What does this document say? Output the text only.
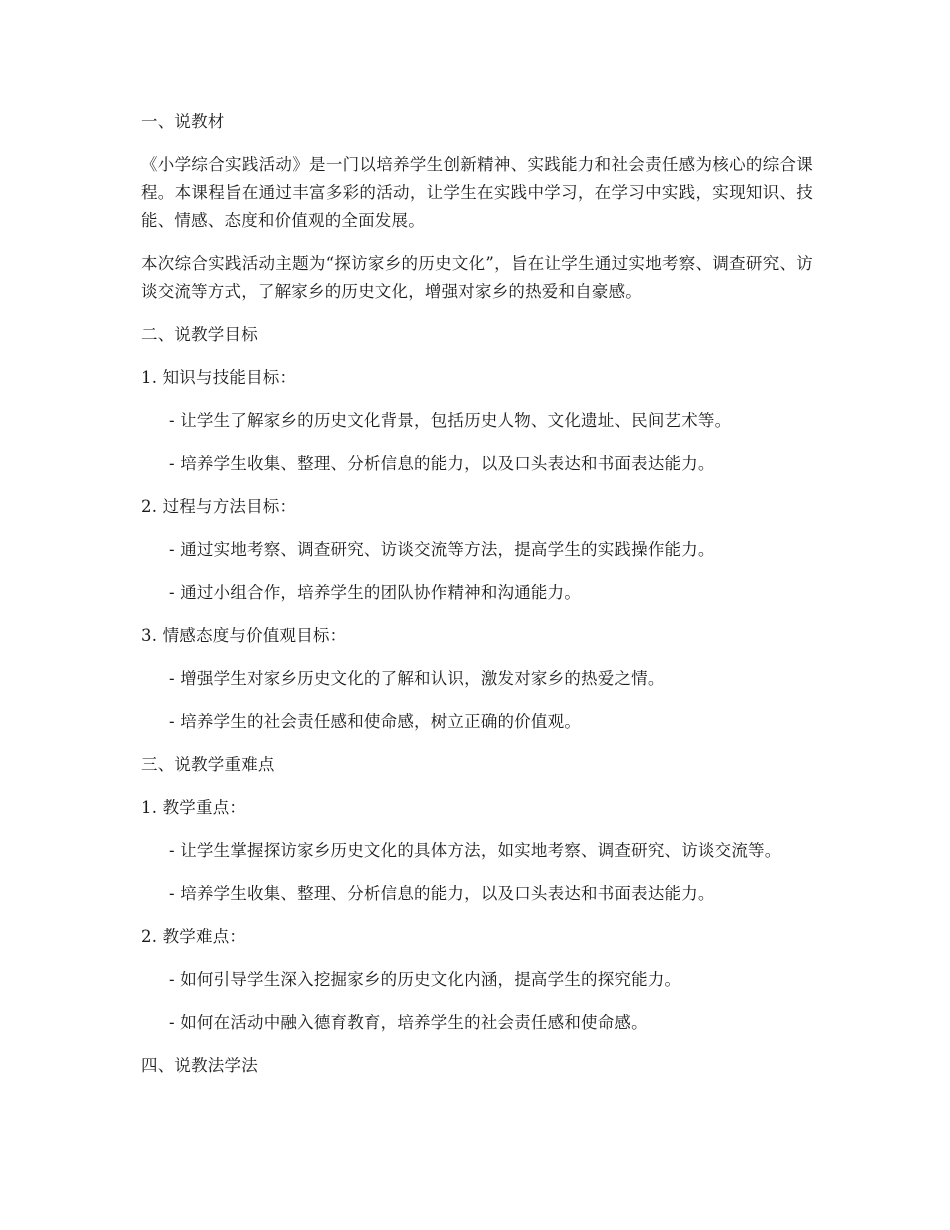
一、说教材

《小学综合实践活动》是一门以培养学生创新精神、实践能力和社会责任感为核心的综合课程。本课程旨在通过丰富多彩的活动，让学生在实践中学习，在学习中实践，实现知识、技能、情感、态度和价值观的全面发展。

本次综合实践活动主题为“探访家乡的历史文化”，旨在让学生通过实地考察、调查研究、访谈交流等方式，了解家乡的历史文化，增强对家乡的热爱和自豪感。

二、说教学目标

1. 知识与技能目标：

- 让学生了解家乡的历史文化背景，包括历史人物、文化遗址、民间艺术等。

- 培养学生收集、整理、分析信息的能力，以及口头表达和书面表达能力。

2. 过程与方法目标：

- 通过实地考察、调查研究、访谈交流等方法，提高学生的实践操作能力。

- 通过小组合作，培养学生的团队协作精神和沟通能力。

3. 情感态度与价值观目标：

- 增强学生对家乡历史文化的了解和认识，激发对家乡的热爱之情。

- 培养学生的社会责任感和使命感，树立正确的价值观。

三、说教学重难点

1. 教学重点：

- 让学生掌握探访家乡历史文化的具体方法，如实地考察、调查研究、访谈交流等。

- 培养学生收集、整理、分析信息的能力，以及口头表达和书面表达能力。

2. 教学难点：

- 如何引导学生深入挖掘家乡的历史文化内涵，提高学生的探究能力。

- 如何在活动中融入德育教育，培养学生的社会责任感和使命感。

四、说教法学法
